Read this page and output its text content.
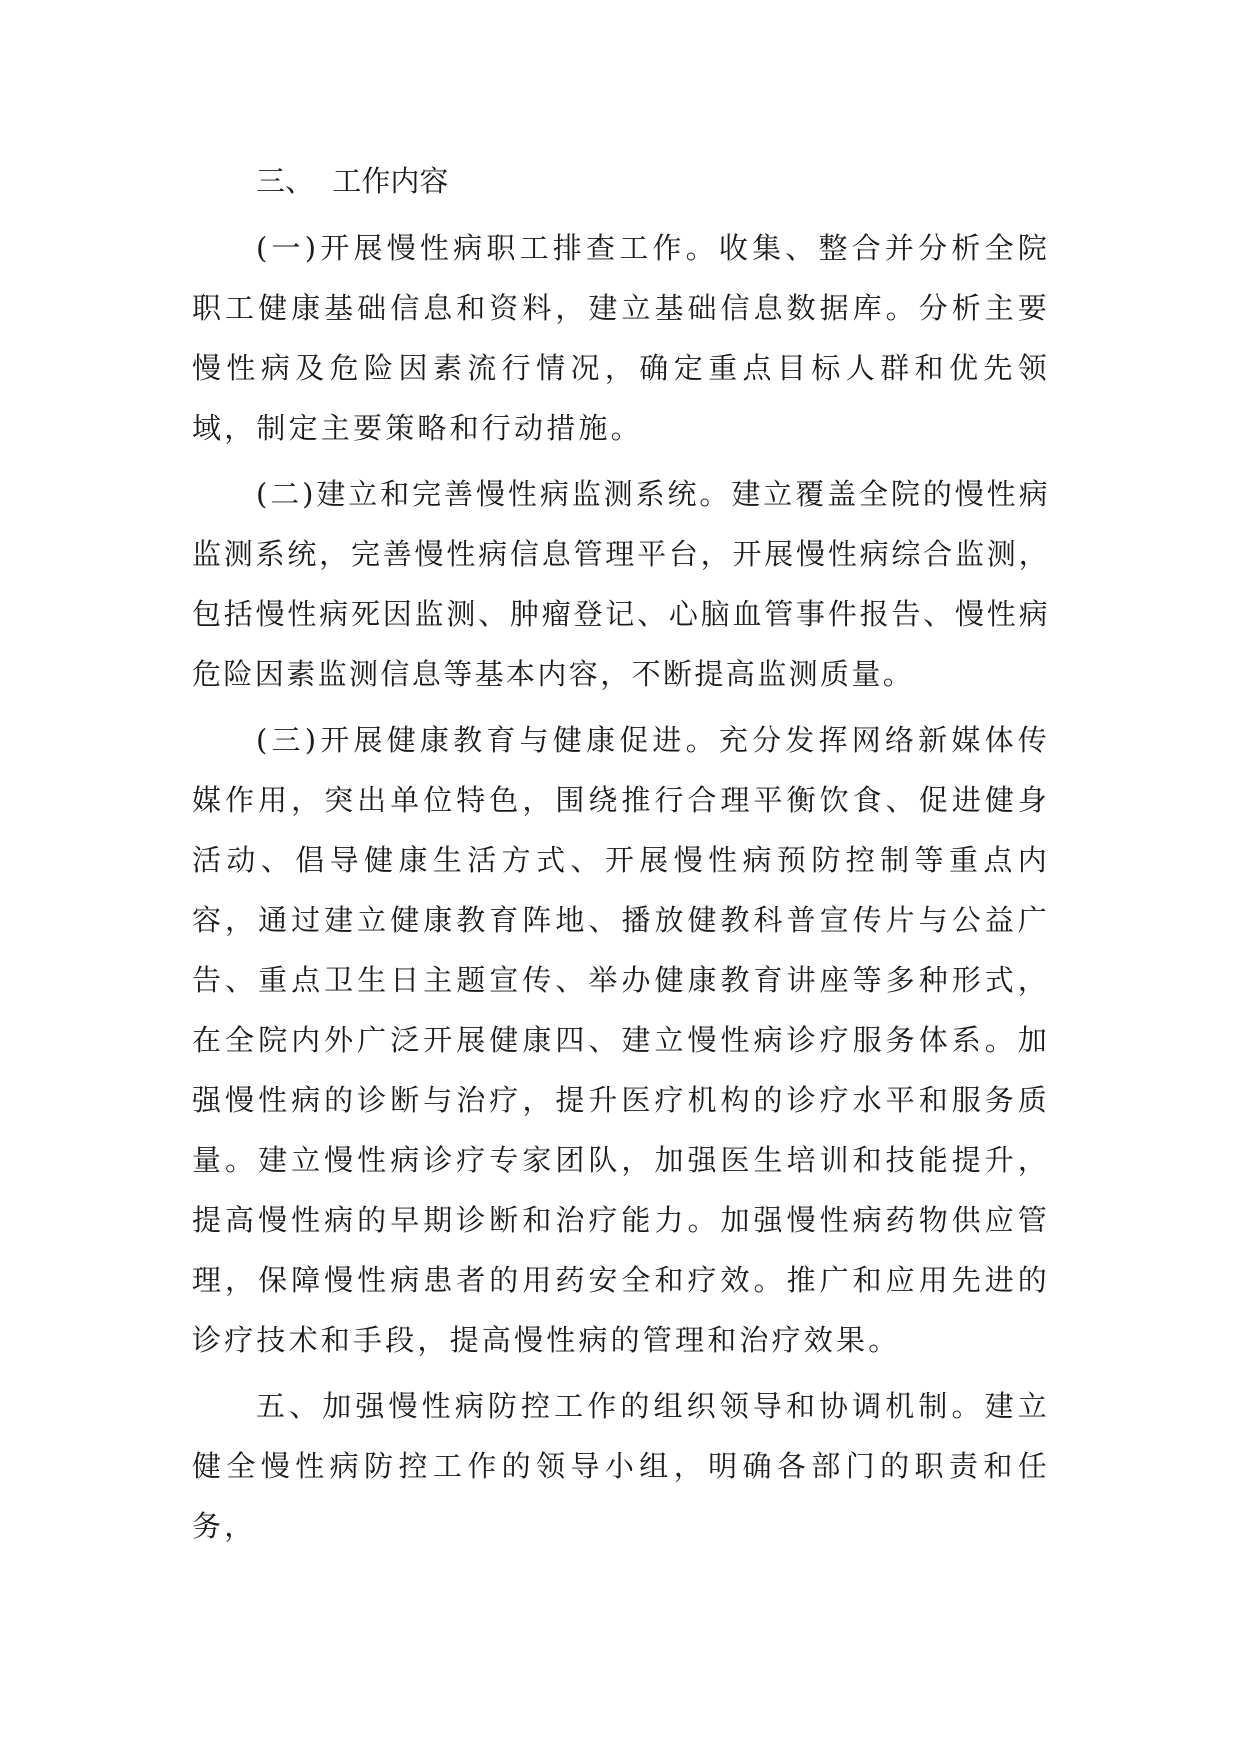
三、  工作内容

(一)开展慢性病职工排查工作。收集、整合并分析全院职工健康基础信息和资料，建立基础信息数据库。分析主要慢性病及危险因素流行情况，确定重点目标人群和优先领域，制定主要策略和行动措施。

(二)建立和完善慢性病监测系统。建立覆盖全院的慢性病监测系统，完善慢性病信息管理平台，开展慢性病综合监测，包括慢性病死因监测、肿瘤登记、心脑血管事件报告、慢性病危险因素监测信息等基本内容，不断提高监测质量。

(三)开展健康教育与健康促进。充分发挥网络新媒体传媒作用，突出单位特色，围绕推行合理平衡饮食、促进健身活动、倡导健康生活方式、开展慢性病预防控制等重点内容，通过建立健康教育阵地、播放健教科普宣传片与公益广告、重点卫生日主题宣传、举办健康教育讲座等多种形式，在全院内外广泛开展健康四、建立慢性病诊疗服务体系。加强慢性病的诊断与治疗，提升医疗机构的诊疗水平和服务质量。建立慢性病诊疗专家团队，加强医生培训和技能提升，提高慢性病的早期诊断和治疗能力。加强慢性病药物供应管理，保障慢性病患者的用药安全和疗效。推广和应用先进的诊疗技术和手段，提高慢性病的管理和治疗效果。

五、加强慢性病防控工作的组织领导和协调机制。建立健全慢性病防控工作的领导小组，明确各部门的职责和任务，
